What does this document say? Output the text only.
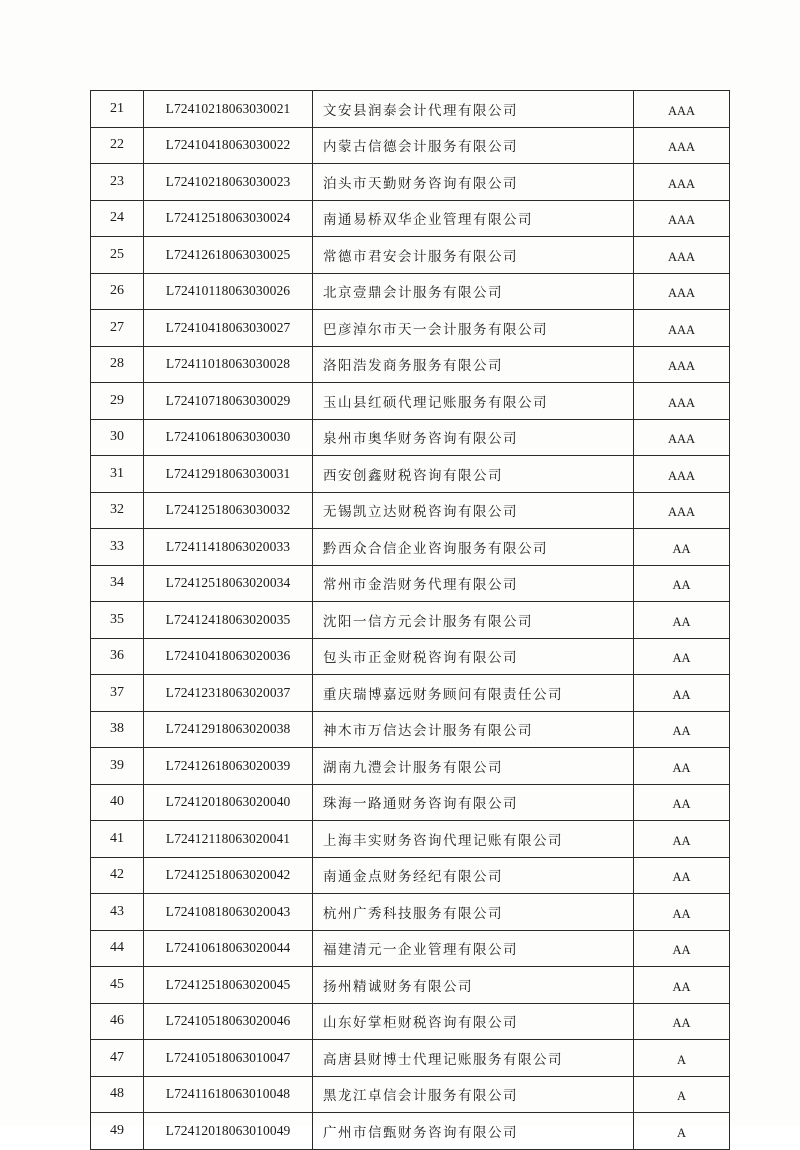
21	L72410218063030021	文安县润泰会计代理有限公司	AAA
22	L72410418063030022	内蒙古信德会计服务有限公司	AAA
23	L72410218063030023	泊头市天勤财务咨询有限公司	AAA
24	L72412518063030024	南通易桥双华企业管理有限公司	AAA
25	L72412618063030025	常德市君安会计服务有限公司	AAA
26	L72410118063030026	北京壹鼎会计服务有限公司	AAA
27	L72410418063030027	巴彦淖尔市天一会计服务有限公司	AAA
28	L72411018063030028	洛阳浩发商务服务有限公司	AAA
29	L72410718063030029	玉山县红硕代理记账服务有限公司	AAA
30	L72410618063030030	泉州市奥华财务咨询有限公司	AAA
31	L72412918063030031	西安创鑫财税咨询有限公司	AAA
32	L72412518063030032	无锡凯立达财税咨询有限公司	AAA
33	L72411418063020033	黔西众合信企业咨询服务有限公司	AA
34	L72412518063020034	常州市金浩财务代理有限公司	AA
35	L72412418063020035	沈阳一信方元会计服务有限公司	AA
36	L72410418063020036	包头市正金财税咨询有限公司	AA
37	L72412318063020037	重庆瑞博嘉远财务顾问有限责任公司	AA
38	L72412918063020038	神木市万信达会计服务有限公司	AA
39	L72412618063020039	湖南九澧会计服务有限公司	AA
40	L72412018063020040	珠海一路通财务咨询有限公司	AA
41	L72412118063020041	上海丰实财务咨询代理记账有限公司	AA
42	L72412518063020042	南通金点财务经纪有限公司	AA
43	L72410818063020043	杭州广秀科技服务有限公司	AA
44	L72410618063020044	福建清元一企业管理有限公司	AA
45	L72412518063020045	扬州精诚财务有限公司	AA
46	L72410518063020046	山东好掌柜财税咨询有限公司	AA
47	L72410518063010047	高唐县财博士代理记账服务有限公司	A
48	L72411618063010048	黑龙江卓信会计服务有限公司	A
49	L72412018063010049	广州市信甄财务咨询有限公司	A
